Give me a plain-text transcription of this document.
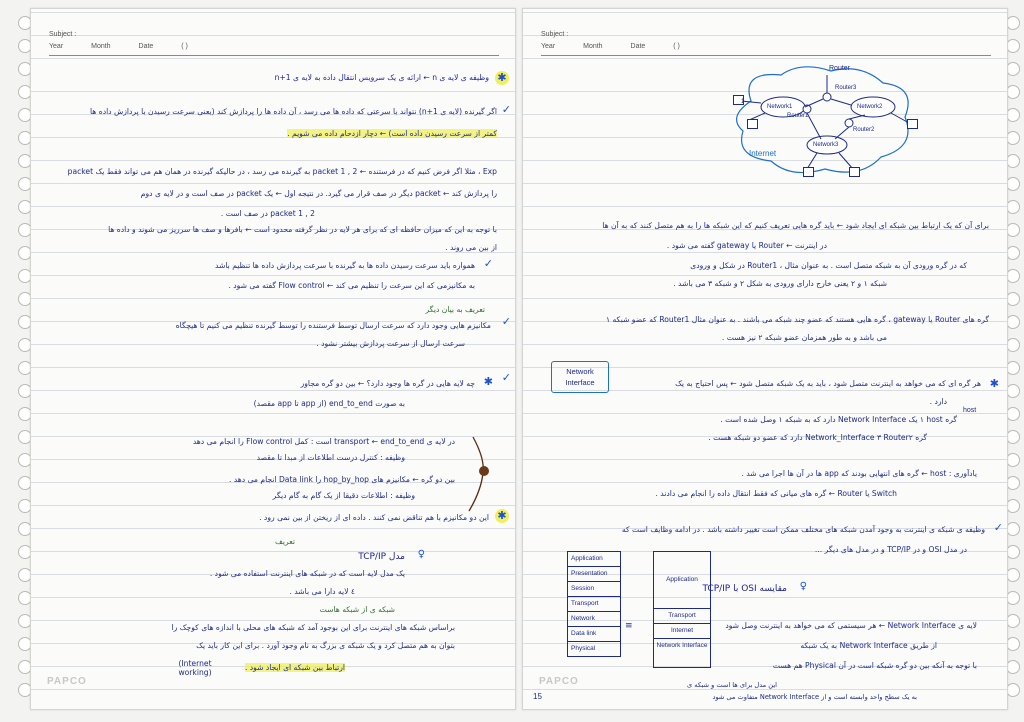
Subject :
Year	Month	Date	( )
✱
وظیفه ی لایه ی n ← ارائه ی یک سرویس انتقال داده به لایه ی n+1
✓
اگر گیرنده (لایه ی n+1) نتواند با سرعتی که داده ها می رسد ، آن داده ها را پردازش کند (یعنی سرعت رسیدن با پردازش داده ها
کمتر از سرعت رسیدن داده است) ← دچار ازدحام داده می شویم .
Exp ، مثلا اگر فرض کنیم که در فرستنده ← packet 1 , 2 به گیرنده می رسد ، در حالیکه گیرنده در همان هم می تواند فقط یک packet
را پردازش کند ← packet دیگر در صف قرار می گیرد. در نتیجه اول ← یک packet در صف است و در لایه ی دوم
packet 1 , 2 در صف است .
با توجه به این که میزان حافظه ای که برای هر لایه در نظر گرفته محدود است ← بافرها و صف ها سرریز می شوند و داده ها
از بین می روند .
✓
همواره باید سرعت رسیدن داده ها به گیرنده با سرعت پردازش داده ها تنظیم باشد
به مکانیزمی که این سرعت را تنظیم می کند ← Flow control گفته می شود .
تعریف به بیان دیگر
✓
مکانیزم هایی وجود دارد که سرعت ارسال توسط فرستنده را توسط گیرنده تنظیم می کنیم تا هیچگاه
سرعت ارسال از سرعت پردازش بیشتر نشود .
✓
✱
چه لایه هایی در گره ها وجود دارد؟ ← بین دو گره مجاور
به صورت end_to_end (از app تا app مقصد)
در لایه ی transport ← end_to_end است : کمل Flow control را انجام می دهد
وظیفه : کنترل درست اطلاعات از مبدا تا مقصد
بین دو گره ← مکانیزم های hop_by_hop را Data link انجام می دهد .
وظیفه : اطلاعات دقیقا از یک گام به گام دیگر
✱
این دو مکانیزم با هم تناقض نمی کنند . داده ای از ریختن از بین نمی رود .
تعریف
♀
مدل TCP/IP
یک مدل لایه است که در شبکه های اینترنت استفاده می شود .
٤ لایه دارا می باشد .
شبکه ی از شبکه هاست
براساس شبکه های اینترنت برای این بوجود آمد که شبکه های محلی با اندازه های کوچک را
بتوان به هم متصل کرد و یک شبکه ی بزرگ به نام وجود آورد . برای این کار باید یک
ارتباط بین شبکه ای ایجاد شود .
(Internet working)
PAPCO
Subject :
Year	Month	Date	( )
1
Router
Router3
Router1
Router2
Network1	Network2
Network3
Internet
برای آن که یک ارتباط بین شبکه ای ایجاد شود ← باید گره هایی تعریف کنیم که این شبکه ها را به هم متصل کنند که به آن ها
در اینترنت ← Router یا gateway گفته می شود .
که در گره ورودی آن به شبکه متصل است . به عنوان مثال ، Router1 در شکل و ورودی
شبکه ١ و ٢ یعنی خارج دارای ورودی به شکل ٢ و شبکه ٣ می باشد .
گره های Router یا gateway ، گره هایی هستند که عضو چند شبکه می باشند . به عنوان مثال Router1 که عضو شبکه ١
می باشد و به طور همزمان عضو شبکه ٢ نیز هست .
Network
Interface	✱
هر گره ای که می خواهد به اینترنت متصل شود ، باید به یک شبکه متصل شود ← پس احتیاج به یک
دارد .
host
گره host ١ یک Network Interface دارد که به شبکه ١ وصل شده است .
گره Router٢ ٣ Network_Interface دارد که عضو دو شبکه هست .
یادآوری : host ← گره های انتهایی بودند که app ها در آن ها اجرا می شد .
Switch یا Router ← گره های میانی که فقط انتقال داده را انجام می دادند .
✓
وظیفه ی شبکه ی اینترنت به وجود آمدن شبکه های مختلف ممکن است تغییر داشته باشد . در ادامه وظایف است که
در مدل OSI و در TCP/IP و در مدل های دیگر ...
Application
Presentation
Session
Transport
Network
Data link
Physical
≡
Application
Transport
Internet
Network Interface
♀
مقایسه OSI با TCP/IP
لایه ی Network Interface ← هر سیستمی که می خواهد به اینترنت وصل شود
از طریق Network Interface به یک شبکه
با توجه به آنکه بین دو گره شبکه است در آن Physical هم هست
این مدل برای ها است و شبکه ی
به یک سطح واحد وابسته است و از Network Interface متفاوت می شود
PAPCO
15
